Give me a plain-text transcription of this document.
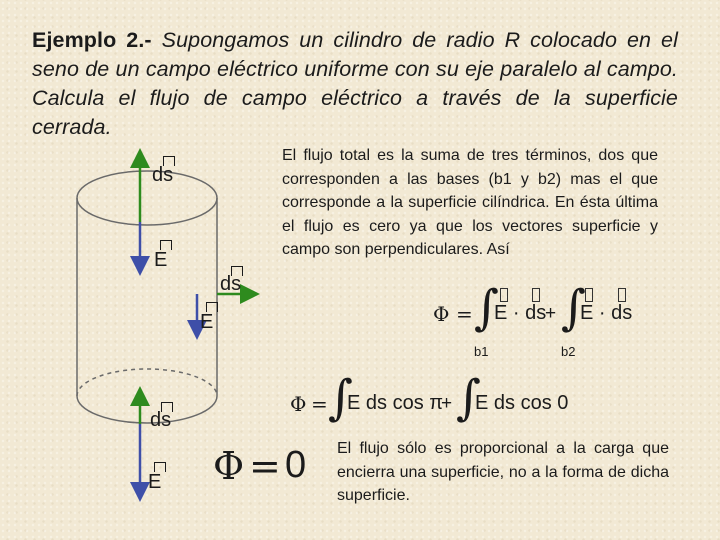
Ejemplo 2.- Supongamos un cilindro de radio R colocado en el seno de un campo eléctrico uniforme con su eje paralelo al campo. Calcula el flujo de campo eléctrico a través de la superficie cerrada.
El flujo total es la suma de tres términos, dos que corresponden a las bases (b1 y b2) mas el que corresponde a la superficie cilíndrica. En ésta última el flujo es cero ya que los vectores superficie y campo son perpendiculares. Así
El flujo sólo es proporcional a la carga que encierra una superficie, no a la forma de dicha superficie.
ds
E
ds
E
ds
E
Φ = ∫
E · ds
+ ∫
E · ds
b1	b2
Φ = ∫
E ds cos π
+ ∫
E ds cos 0
Φ = 0
